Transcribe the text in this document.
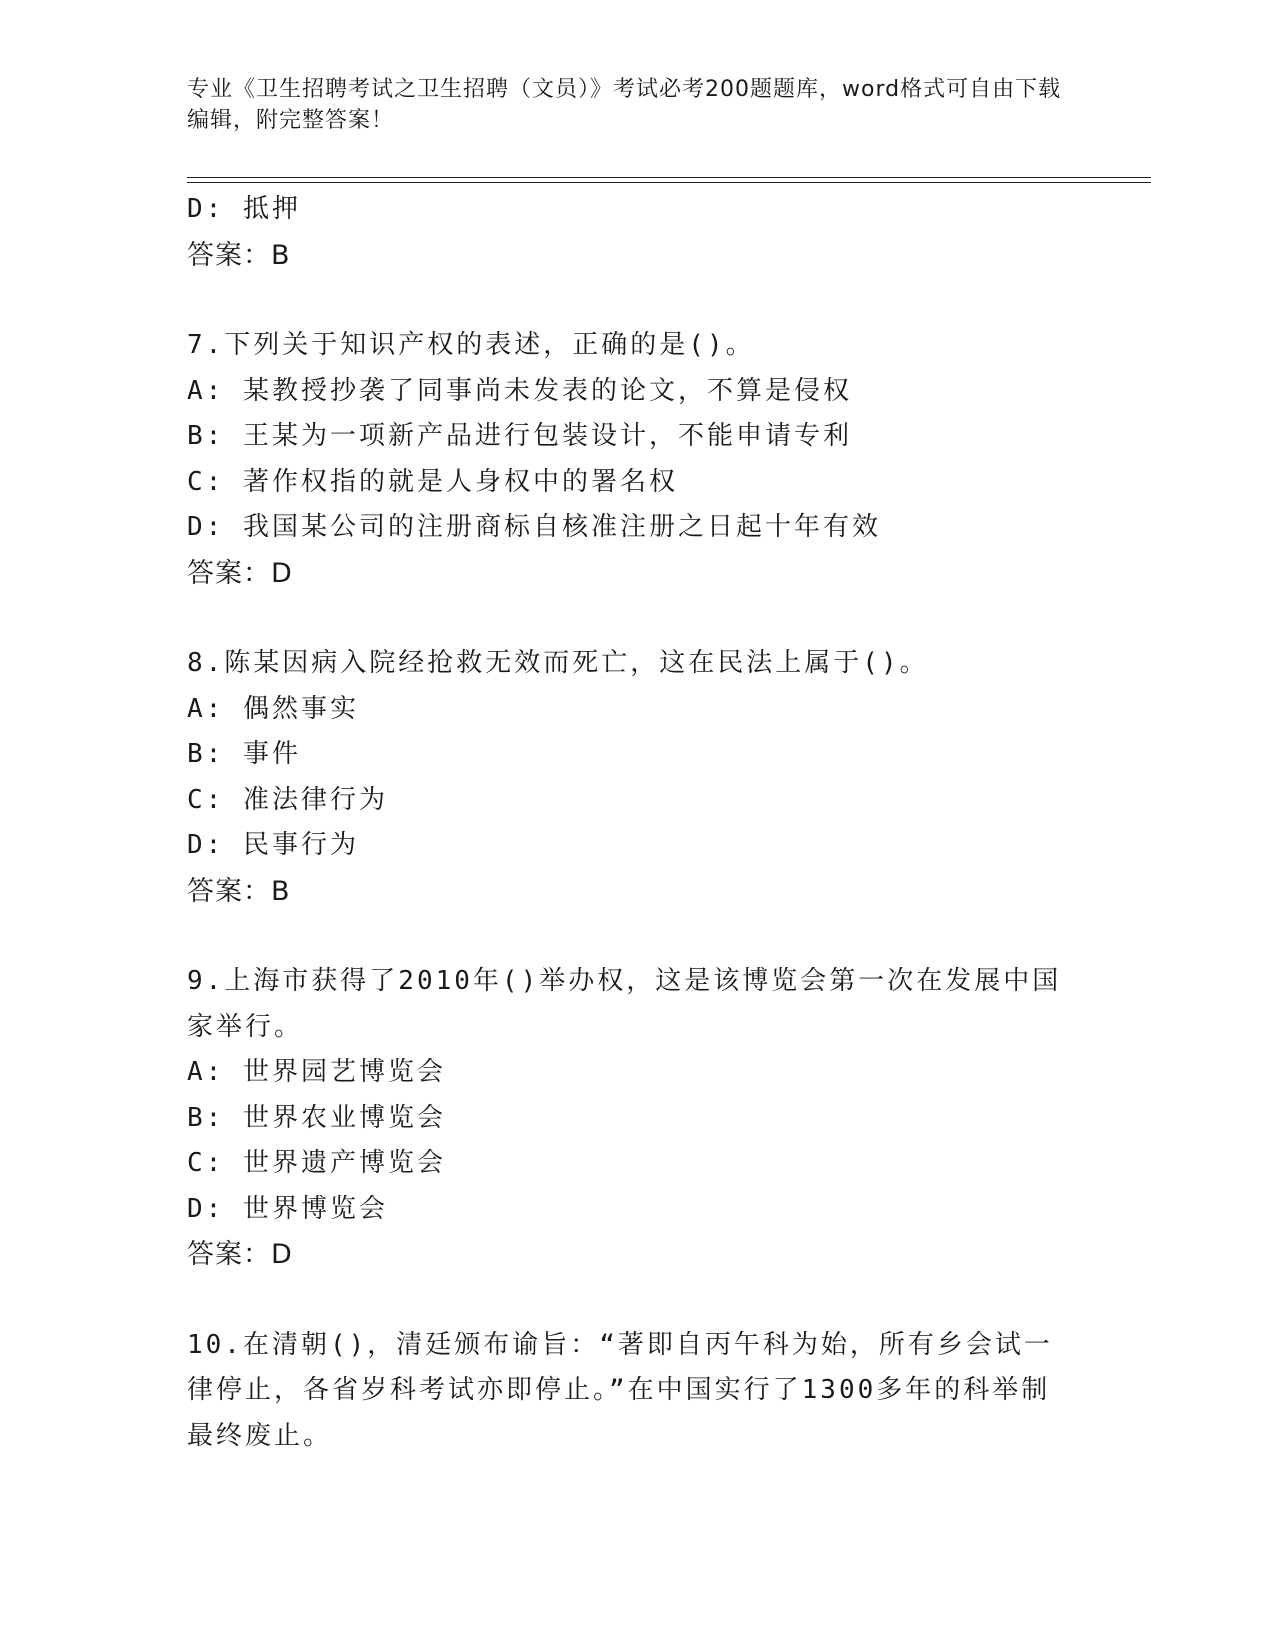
专业《卫生招聘考试之卫生招聘（文员）》考试必考200题题库，word格式可自由下载编辑，附完整答案！
D: 抵押
答案：B
7.下列关于知识产权的表述，正确的是()。
A: 某教授抄袭了同事尚未发表的论文，不算是侵权
B: 王某为一项新产品进行包装设计，不能申请专利
C: 著作权指的就是人身权中的署名权
D: 我国某公司的注册商标自核准注册之日起十年有效
答案：D
8.陈某因病入院经抢救无效而死亡，这在民法上属于()。
A: 偶然事实
B: 事件
C: 准法律行为
D: 民事行为
答案：B
9.上海市获得了2010年()举办权，这是该博览会第一次在发展中国家举行。
A: 世界园艺博览会
B: 世界农业博览会
C: 世界遗产博览会
D: 世界博览会
答案：D
10.在清朝()，清廷颁布谕旨：“著即自丙午科为始，所有乡会试一律停止，各省岁科考试亦即停止。”在中国实行了1300多年的科举制最终废止。
